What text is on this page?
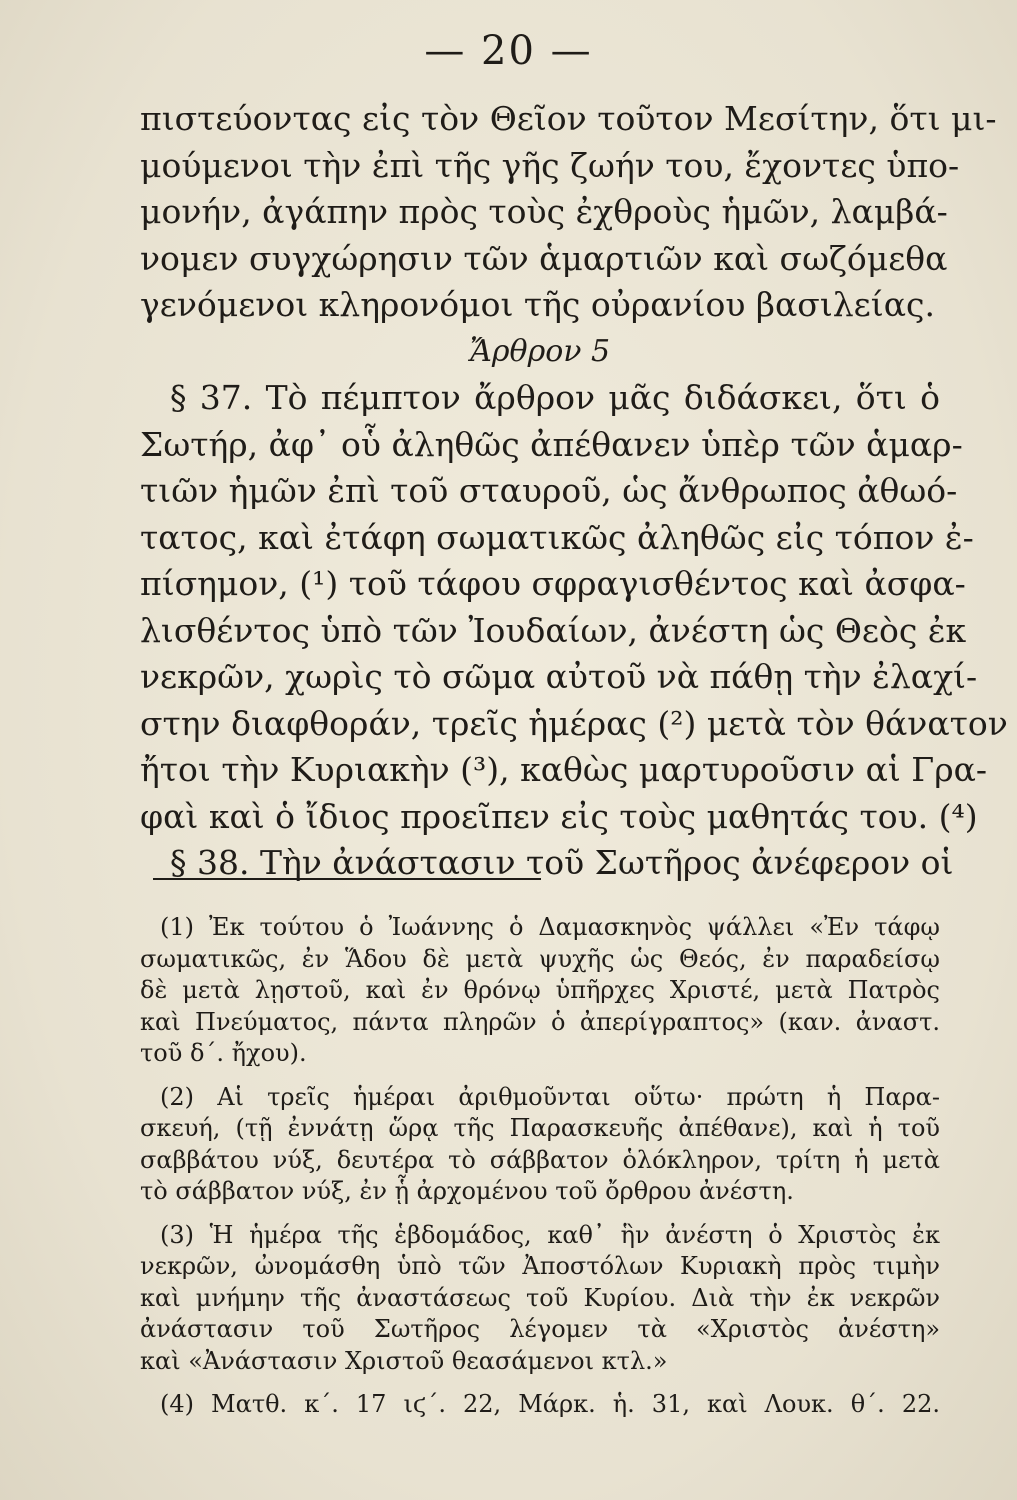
— 20 —
πιστεύοντας εἰς τὸν Θεῖον τοῦτον Μεσίτην, ὅτι μι-
μούμενοι τὴν ἐπὶ τῆς γῆς ζωήν του, ἔχοντες ὑπο-
μονήν, ἀγάπην πρὸς τοὺς ἐχθροὺς ἡμῶν, λαμβά-
νομεν συγχώρησιν τῶν ἁμαρτιῶν καὶ σωζόμεθα
γενόμενοι κληρονόμοι τῆς οὐρανίου βασιλείας.
Ἄρθρον 5
§ 37. Τὸ πέμπτον ἄρθρον μᾶς διδάσκει, ὅτι ὁ
Σωτήρ, ἀφ᾽ οὗ ἀληθῶς ἀπέθανεν ὑπὲρ τῶν ἁμαρ-
τιῶν ἡμῶν ἐπὶ τοῦ σταυροῦ, ὡς ἄνθρωπος ἀθωό-
τατος, καὶ ἐτάφη σωματικῶς ἀληθῶς εἰς τόπον ἐ-
πίσημον, (¹) τοῦ τάφου σφραγισθέντος καὶ ἀσφα-
λισθέντος ὑπὸ τῶν Ἰουδαίων, ἀνέστη ὡς Θεὸς ἐκ
νεκρῶν, χωρὶς τὸ σῶμα αὐτοῦ νὰ πάθῃ τὴν ἐλαχί-
στην διαφθοράν, τρεῖς ἡμέρας (²) μετὰ τὸν θάνατον
ἤτοι τὴν Κυριακὴν (³), καθὼς μαρτυροῦσιν αἱ Γρα-
φαὶ καὶ ὁ ἴδιος προεῖπεν εἰς τοὺς μαθητάς του. (⁴)
§ 38. Τὴν ἀνάστασιν τοῦ Σωτῆρος ἀνέφερον οἱ
(1) Ἐκ τούτου ὁ Ἰωάννης ὁ Δαμασκηνὸς ψάλλει «Ἐν τάφῳ
σωματικῶς, ἐν Ἅδου δὲ μετὰ ψυχῆς ὡς Θεός, ἐν παραδείσῳ
δὲ μετὰ λῃστοῦ, καὶ ἐν θρόνῳ ὑπῆρχες Χριστέ, μετὰ Πατρὸς
καὶ Πνεύματος, πάντα πληρῶν ὁ ἀπερίγραπτος» (καν. ἀναστ.
τοῦ δ΄. ἤχου).
(2) Αἱ τρεῖς ἡμέραι ἀριθμοῦνται οὕτω· πρώτη ἡ Παρα-
σκευή, (τῇ ἐννάτῃ ὥρᾳ τῆς Παρασκευῆς ἀπέθανε), καὶ ἡ τοῦ
σαββάτου νύξ, δευτέρα τὸ σάββατον ὁλόκληρον, τρίτη ἡ μετὰ
τὸ σάββατον νύξ, ἐν ᾗ ἀρχομένου τοῦ ὄρθρου ἀνέστη.
(3) Ἡ ἡμέρα τῆς ἑβδομάδος, καθ᾽ ἣν ἀνέστη ὁ Χριστὸς ἐκ
νεκρῶν, ὠνομάσθη ὑπὸ τῶν Ἀποστόλων Κυριακὴ πρὸς τιμὴν
καὶ μνήμην τῆς ἀναστάσεως τοῦ Κυρίου. Διὰ τὴν ἐκ νεκρῶν
ἀνάστασιν τοῦ Σωτῆρος λέγομεν τὰ «Χριστὸς ἀνέστη»
καὶ «Ἀνάστασιν Χριστοῦ θεασάμενοι κτλ.»
(4) Ματθ. κ΄. 17 ιϛ΄. 22, Μάρκ. ἡ. 31, καὶ Λουκ. θ΄. 22.
